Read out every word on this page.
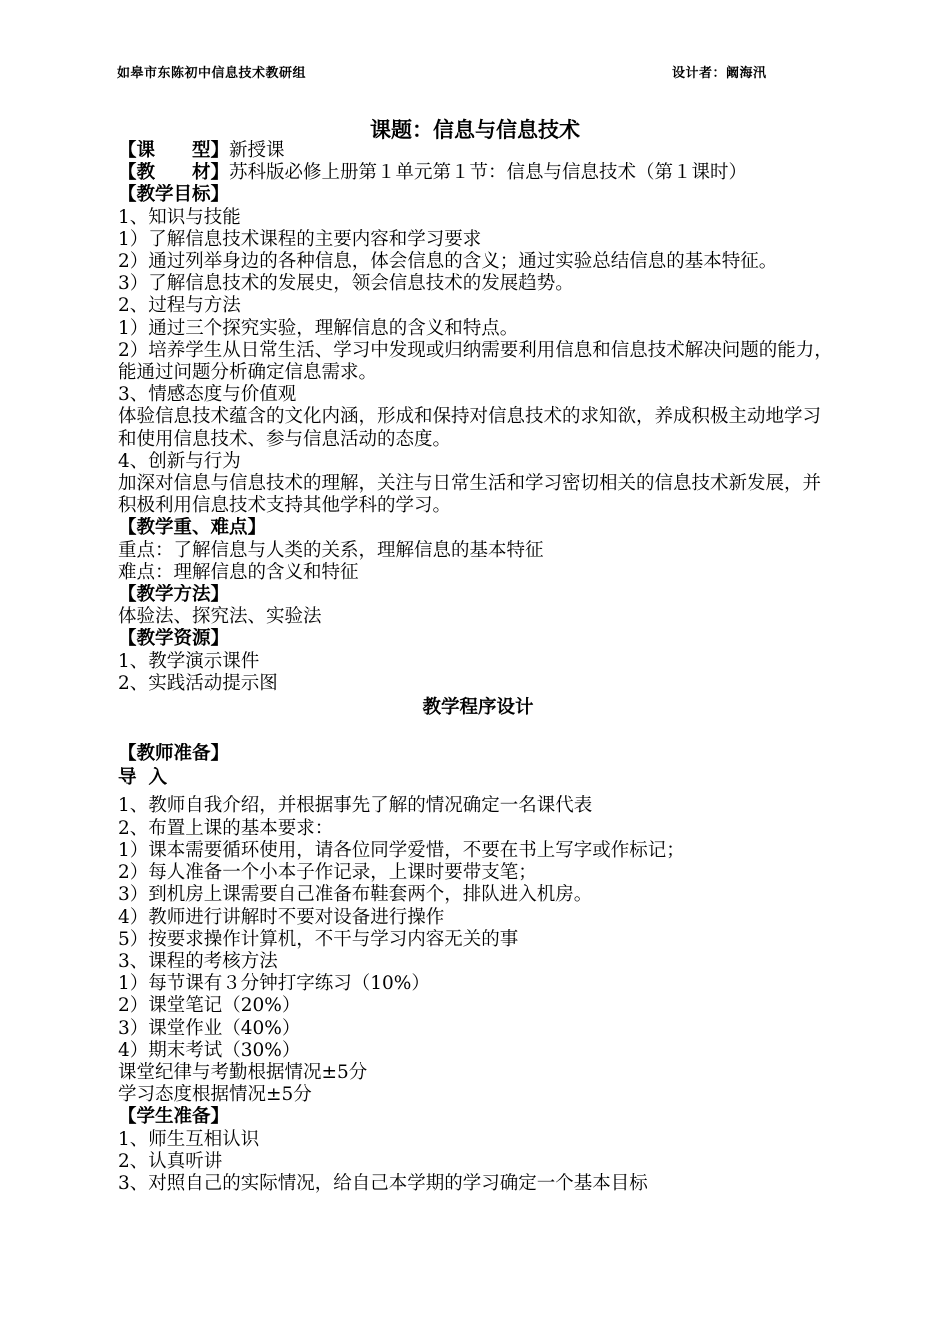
如皋市东陈初中信息技术教研组	设计者：阚海汛
课题：信息与信息技术
【课　　型】新授课
【教　　材】苏科版必修上册第１单元第１节：信息与信息技术（第１课时）
【教学目标】
1、知识与技能
1）了解信息技术课程的主要内容和学习要求
2）通过列举身边的各种信息，体会信息的含义；通过实验总结信息的基本特征。
3）了解信息技术的发展史，领会信息技术的发展趋势。
2、过程与方法
1）通过三个探究实验，理解信息的含义和特点。
2）培养学生从日常生活、学习中发现或归纳需要利用信息和信息技术解决问题的能力，能通过问题分析确定信息需求。
3、情感态度与价值观
体验信息技术蕴含的文化内涵，形成和保持对信息技术的求知欲，养成积极主动地学习和使用信息技术、参与信息活动的态度。
4、创新与行为
加深对信息与信息技术的理解，关注与日常生活和学习密切相关的信息技术新发展，并积极利用信息技术支持其他学科的学习。
【教学重、难点】
重点：了解信息与人类的关系，理解信息的基本特征
难点：理解信息的含义和特征
【教学方法】
体验法、探究法、实验法
【教学资源】
1、教学演示课件
2、实践活动提示图
教学程序设计
【教师准备】
导入
1、教师自我介绍，并根据事先了解的情况确定一名课代表
2、布置上课的基本要求：
1）课本需要循环使用，请各位同学爱惜，不要在书上写字或作标记；
2）每人准备一个小本子作记录，上课时要带支笔；
3）到机房上课需要自己准备布鞋套两个，排队进入机房。
4）教师进行讲解时不要对设备进行操作
5）按要求操作计算机，不干与学习内容无关的事
3、课程的考核方法
1）每节课有３分钟打字练习（10%）
2）课堂笔记（20%）
3）课堂作业（40%）
4）期末考试（30%）
课堂纪律与考勤根据情况±5分
学习态度根据情况±5分
【学生准备】
1、师生互相认识
2、认真听讲
3、对照自己的实际情况，给自己本学期的学习确定一个基本目标
